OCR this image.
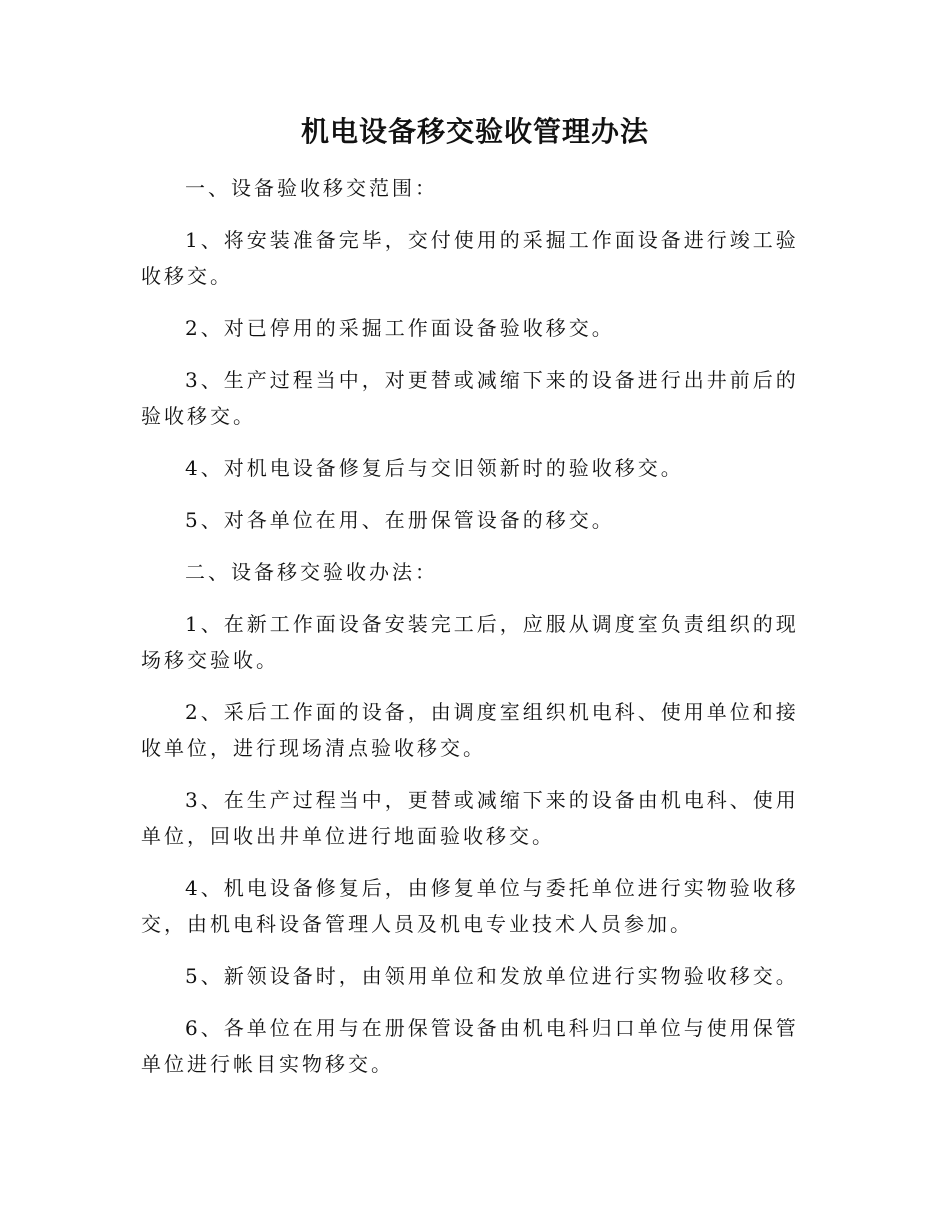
机电设备移交验收管理办法

一、设备验收移交范围：

1、将安装准备完毕，交付使用的采掘工作面设备进行竣工验收移交。

2、对已停用的采掘工作面设备验收移交。

3、生产过程当中，对更替或减缩下来的设备进行出井前后的验收移交。

4、对机电设备修复后与交旧领新时的验收移交。

5、对各单位在用、在册保管设备的移交。

二、设备移交验收办法：

1、在新工作面设备安装完工后，应服从调度室负责组织的现场移交验收。

2、采后工作面的设备，由调度室组织机电科、使用单位和接 收单位，进行现场清点验收移交。

3、在生产过程当中，更替或减缩下来的设备由机电科、使用单位，回收出井单位进行地面验收移交。

4、机电设备修复后，由修复单位与委托单位进行实物验收移交，由机电科设备管理人员及机电专业技术人员参加。

5、新领设备时，由领用单位和发放单位进行实物验收移交。

6、各单位在用与在册保管设备由机电科归口单位与使用保管单位进行帐目实物移交。
